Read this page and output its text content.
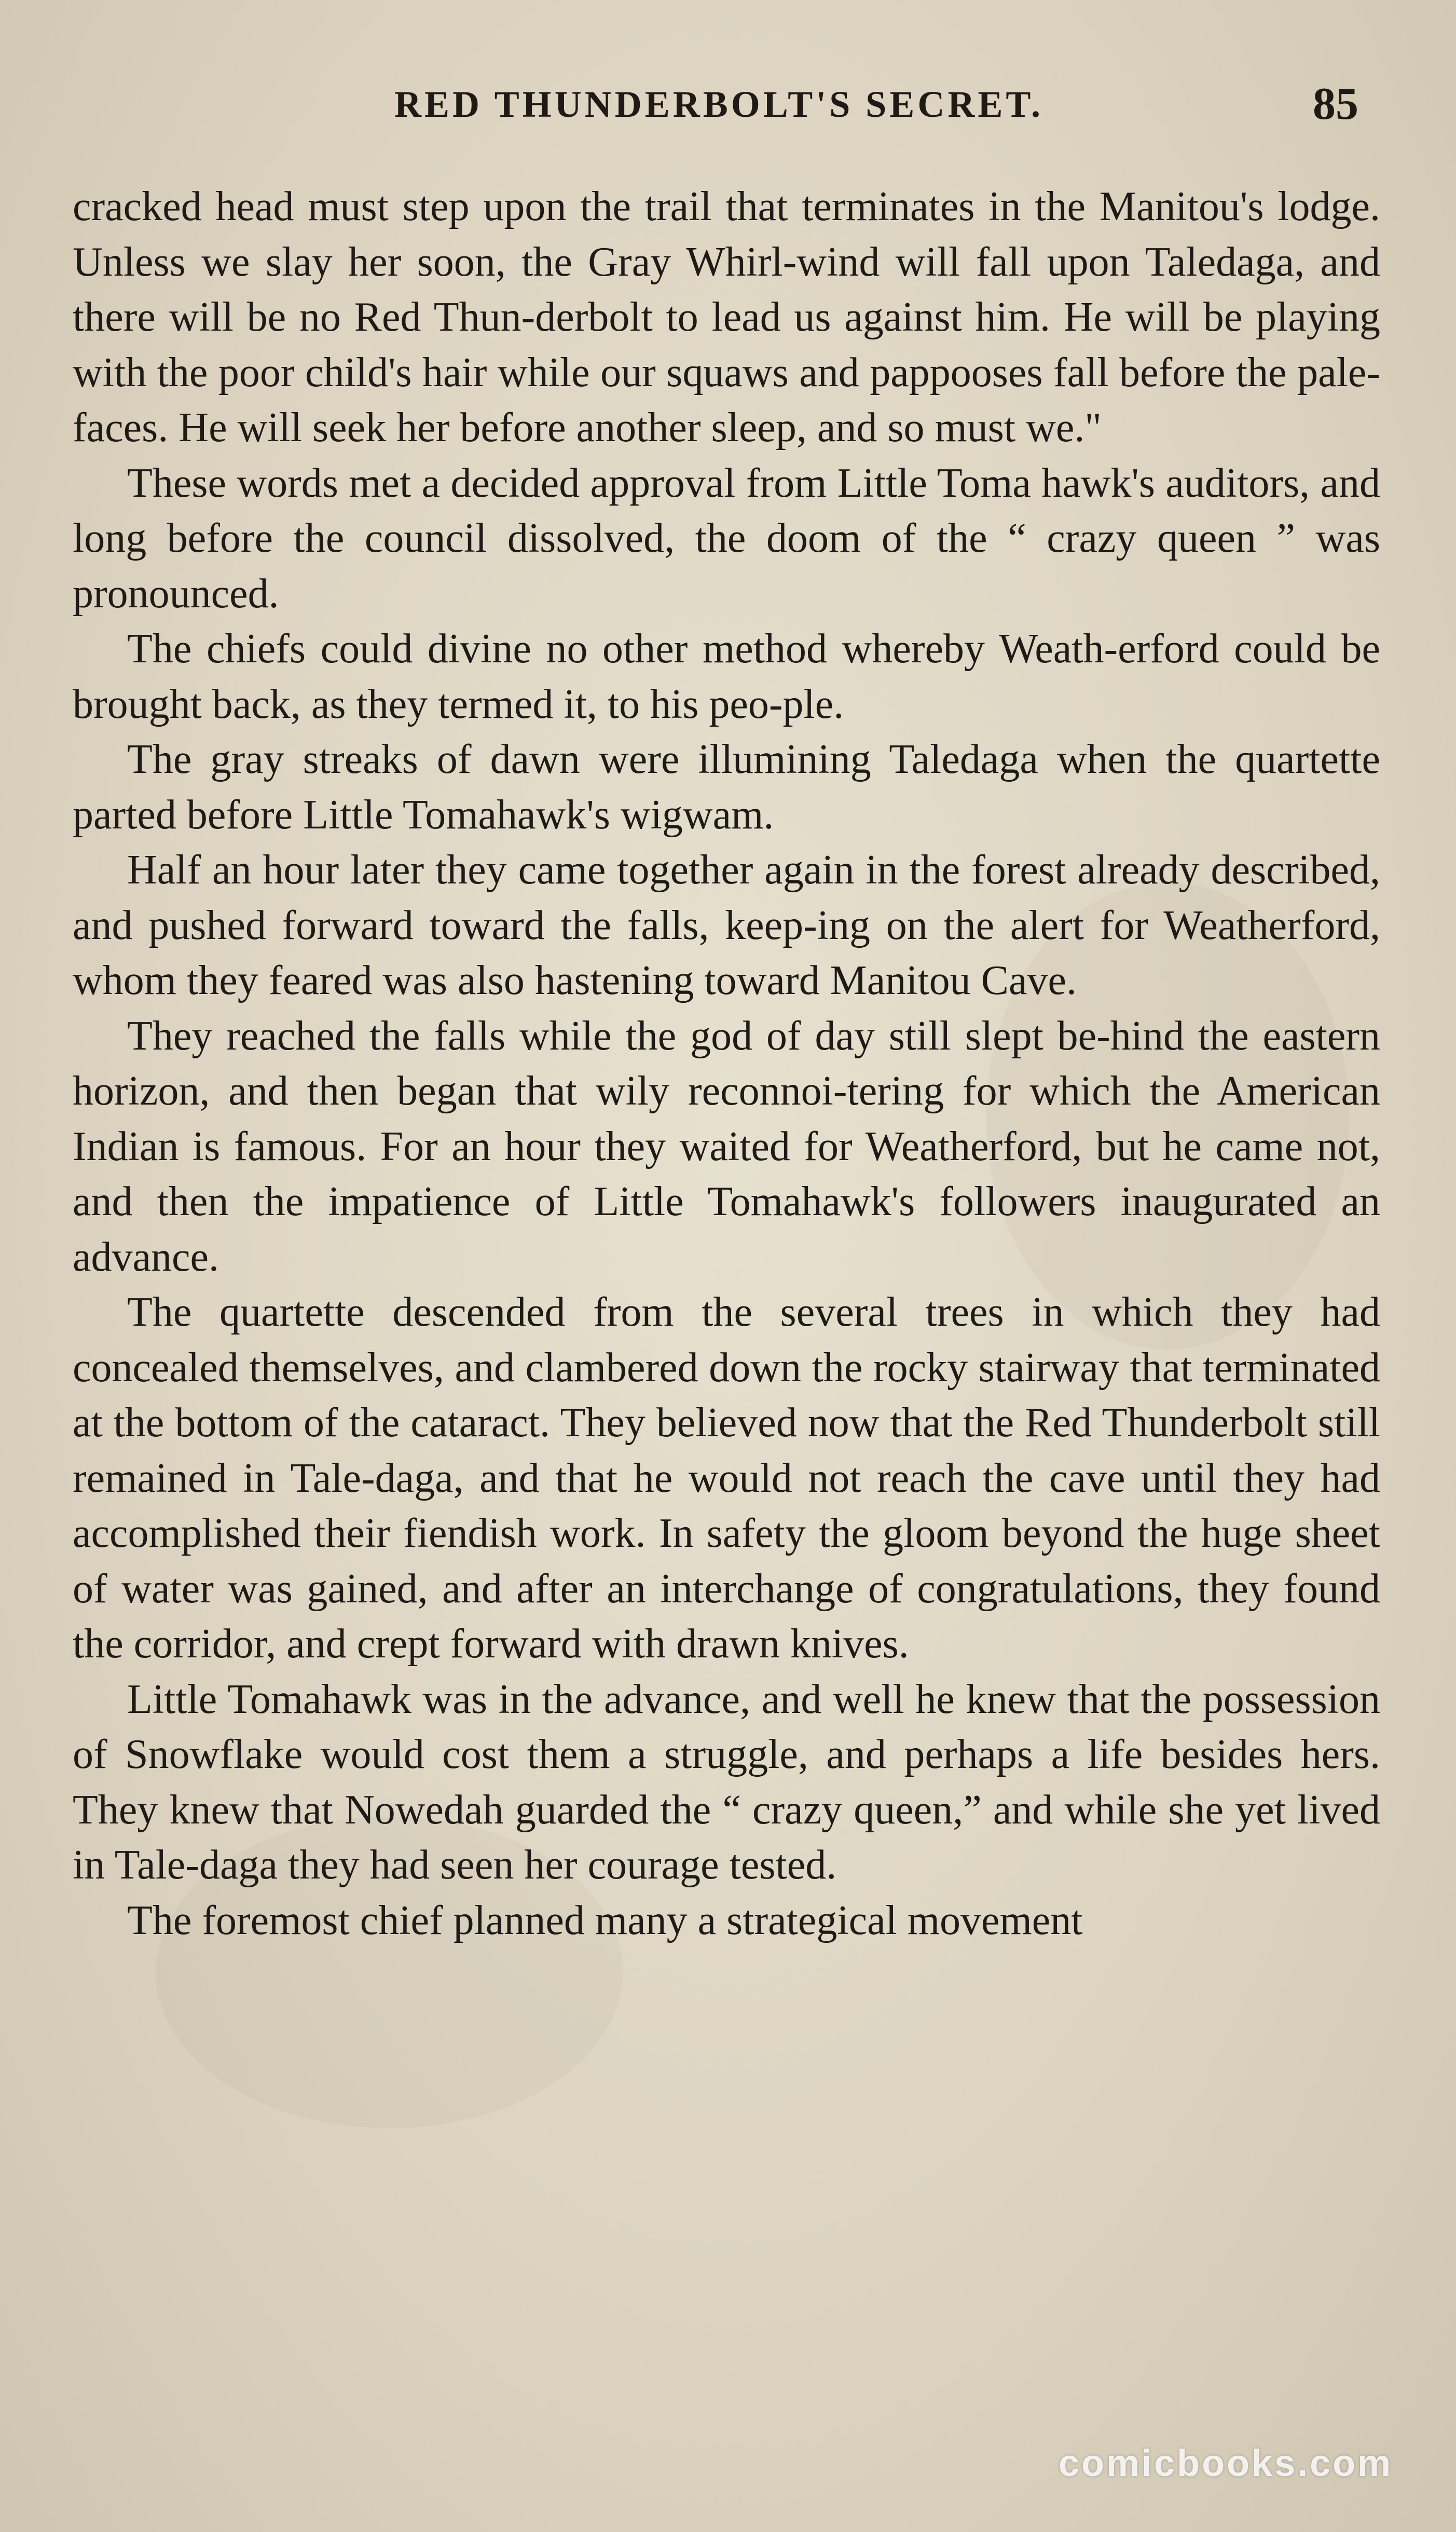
RED THUNDERBOLT'S SECRET.	85

cracked head must step upon the trail that terminates in the Manitou's lodge. Unless we slay her soon, the Gray Whirl-wind will fall upon Taledaga, and there will be no Red Thun-derbolt to lead us against him. He will be playing with the poor child's hair while our squaws and pappooses fall before the pale-faces. He will seek her before another sleep, and so must we."

These words met a decided approval from Little Toma hawk's auditors, and long before the council dissolved, the doom of the “ crazy queen ” was pronounced.

The chiefs could divine no other method whereby Weath-erford could be brought back, as they termed it, to his peo-ple.

The gray streaks of dawn were illumining Taledaga when the quartette parted before Little Tomahawk's wigwam.

Half an hour later they came together again in the forest already described, and pushed forward toward the falls, keep-ing on the alert for Weatherford, whom they feared was also hastening toward Manitou Cave.

They reached the falls while the god of day still slept be-hind the eastern horizon, and then began that wily reconnoi-tering for which the American Indian is famous. For an hour they waited for Weatherford, but he came not, and then the impatience of Little Tomahawk's followers inaugurated an advance.

The quartette descended from the several trees in which they had concealed themselves, and clambered down the rocky stairway that terminated at the bottom of the cataract. They believed now that the Red Thunderbolt still remained in Tale-daga, and that he would not reach the cave until they had accomplished their fiendish work. In safety the gloom beyond the huge sheet of water was gained, and after an interchange of congratulations, they found the corridor, and crept forward with drawn knives.

Little Tomahawk was in the advance, and well he knew that the possession of Snowflake would cost them a struggle, and perhaps a life besides hers. They knew that Nowedah guarded the “ crazy queen,” and while she yet lived in Tale-daga they had seen her courage tested.

The foremost chief planned many a strategical movement

comicbooks.com
